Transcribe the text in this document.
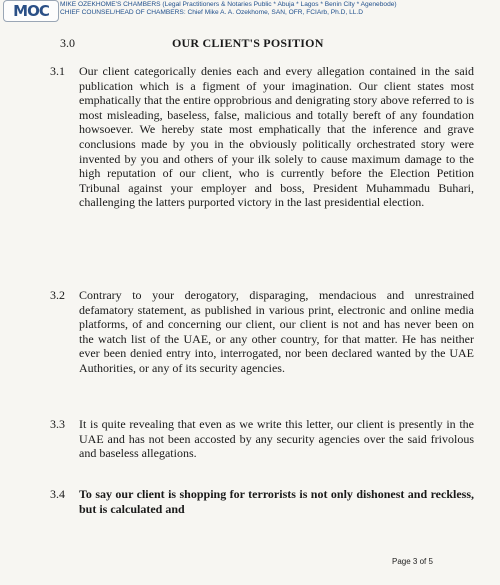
MOC MIKE OZEKHOME'S CHAMBERS (Legal Practitioners & Notaries Public * Abuja * Lagos * Benin City * Agenebode)
CHIEF COUNSEL/HEAD OF CHAMBERS: Chief Mike A. A. Ozekhome, SAN, OFR, FCIArb, Ph.D, LL.D
3.0	OUR CLIENT'S POSITION
3.1 Our client categorically denies each and every allegation contained in the said publication which is a figment of your imagination. Our client states most emphatically that the entire opprobrious and denigrating story above referred to is most misleading, baseless, false, malicious and totally bereft of any foundation howsoever. We hereby state most emphatically that the inference and grave conclusions made by you in the obviously politically orchestrated story were invented by you and others of your ilk solely to cause maximum damage to the high reputation of our client, who is currently before the Election Petition Tribunal against your employer and boss, President Muhammadu Buhari, challenging the latters purported victory in the last presidential election.
3.2 Contrary to your derogatory, disparaging, mendacious and unrestrained defamatory statement, as published in various print, electronic and online media platforms, of and concerning our client, our client is not and has never been on the watch list of the UAE, or any other country, for that matter. He has neither ever been denied entry into, interrogated, nor been declared wanted by the UAE Authorities, or any of its security agencies.
3.3 It is quite revealing that even as we write this letter, our client is presently in the UAE and has not been accosted by any security agencies over the said frivolous and baseless allegations.
3.4 To say our client is shopping for terrorists is not only dishonest and reckless, but is calculated and
Page 3 of 5
